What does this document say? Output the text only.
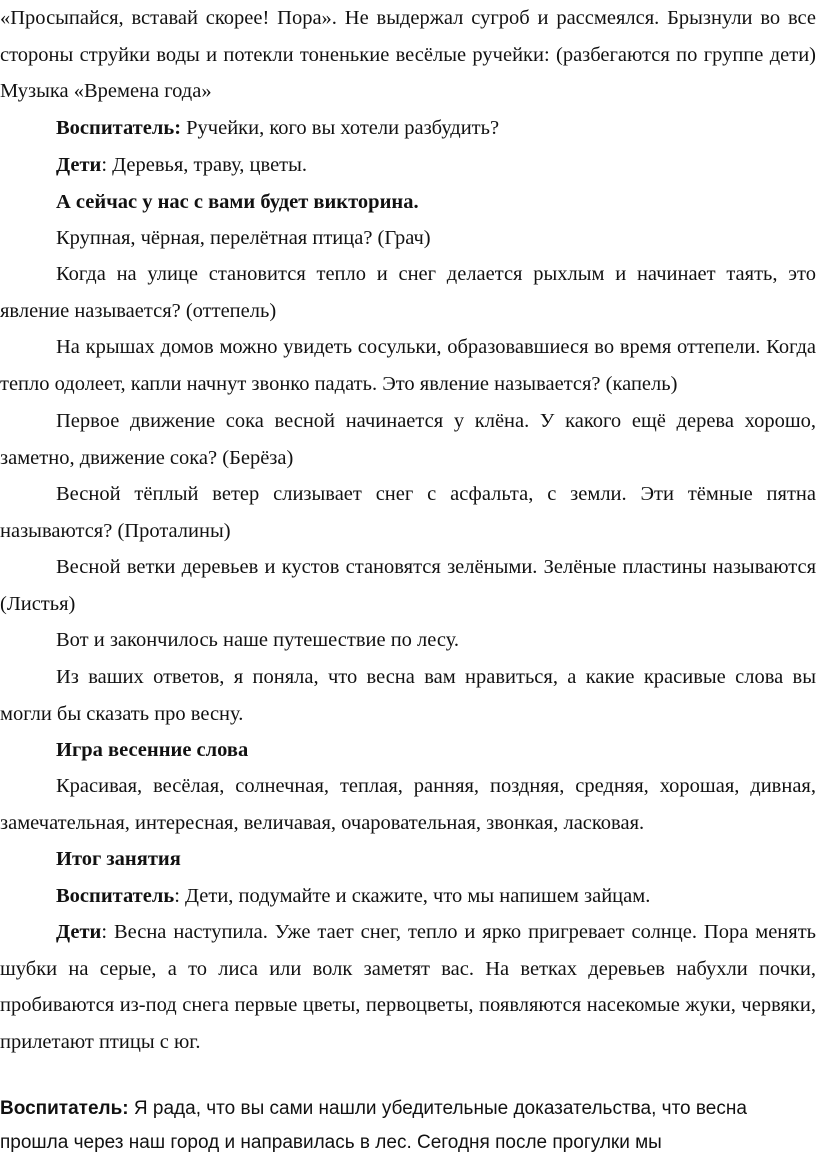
«Просыпайся, вставай скорее! Пора». Не выдержал сугроб и рассмеялся. Брызнули во все стороны струйки воды и потекли тоненькие весёлые ручейки: (разбегаются по группе дети) Музыка «Времена года»

Воспитатель: Ручейки, кого вы хотели разбудить?

Дети: Деревья, траву, цветы.

А сейчас у нас с вами будет викторина.

Крупная, чёрная, перелётная птица? (Грач)

Когда на улице становится тепло и снег делается рыхлым и начинает таять, это явление называется? (оттепель)

На крышах домов можно увидеть сосульки, образовавшиеся во время оттепели. Когда тепло одолеет, капли начнут звонко падать. Это явление называется? (капель)

Первое движение сока весной начинается у клёна. У какого ещё дерева хорошо, заметно, движение сока? (Берёза)

Весной тёплый ветер слизывает снег с асфальта, с земли. Эти тёмные пятна называются? (Проталины)

Весной ветки деревьев и кустов становятся зелёными. Зелёные пластины называются (Листья)

Вот и закончилось наше путешествие по лесу.

Из ваших ответов, я поняла, что весна вам нравиться, а какие красивые слова вы могли бы сказать про весну.

Игра весенние слова

Красивая, весёлая, солнечная, теплая, ранняя, поздняя, средняя, хорошая, дивная, замечательная, интересная, величавая, очаровательная, звонкая, ласковая.

Итог занятия

Воспитатель: Дети, подумайте и скажите, что мы напишем зайцам.

Дети: Весна наступила. Уже тает снег, тепло и ярко пригревает солнце. Пора менять шубки на серые, а то лиса или волк заметят вас. На ветках деревьев набухли почки, пробиваются из-под снега первые цветы, первоцветы, появляются насекомые жуки, червяки, прилетают птицы с юг.

Воспитатель: Я рада, что вы сами нашли убедительные доказательства, что весна прошла через наш город и направилась в лес. Сегодня после прогулки мы
